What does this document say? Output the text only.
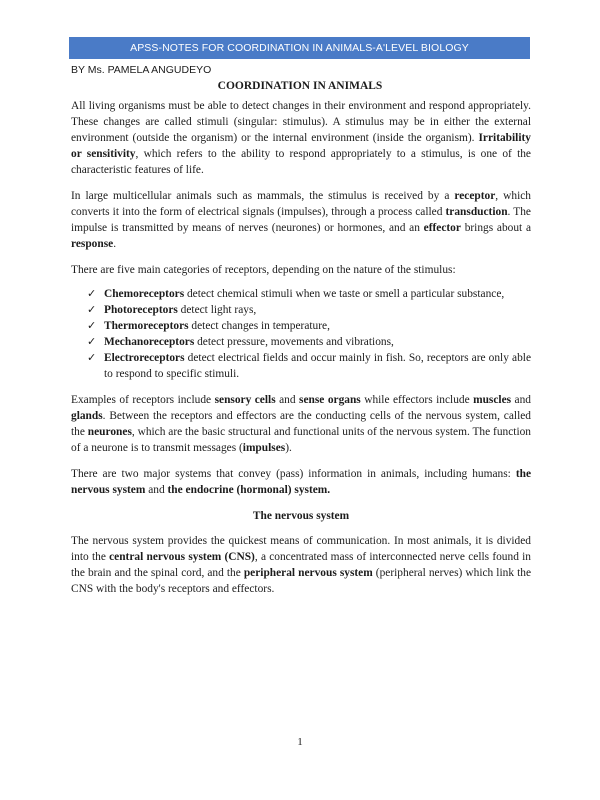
APSS-NOTES FOR COORDINATION IN ANIMALS-A'LEVEL BIOLOGY
BY Ms. PAMELA ANGUDEYO
COORDINATION IN ANIMALS

All living organisms must be able to detect changes in their environment and respond appropriately. These changes are called stimuli (singular: stimulus). A stimulus may be in either the external environment (outside the organism) or the internal environment (inside the organism). Irritability or sensitivity, which refers to the ability to respond appropriately to a stimulus, is one of the characteristic features of life.

In large multicellular animals such as mammals, the stimulus is received by a receptor, which converts it into the form of electrical signals (impulses), through a process called transduction. The impulse is transmitted by means of nerves (neurones) or hormones, and an effector brings about a response.

There are five main categories of receptors, depending on the nature of the stimulus:

✓ Chemoreceptors detect chemical stimuli when we taste or smell a particular substance,
✓ Photoreceptors detect light rays,
✓ Thermoreceptors detect changes in temperature,
✓ Mechanoreceptors detect pressure, movements and vibrations,
✓ Electroreceptors detect electrical fields and occur mainly in fish. So, receptors are only able to respond to specific stimuli.

Examples of receptors include sensory cells and sense organs while effectors include muscles and glands. Between the receptors and effectors are the conducting cells of the nervous system, called the neurones, which are the basic structural and functional units of the nervous system. The function of a neurone is to transmit messages (impulses).

There are two major systems that convey (pass) information in animals, including humans: the nervous system and the endocrine (hormonal) system.

The nervous system

The nervous system provides the quickest means of communication. In most animals, it is divided into the central nervous system (CNS), a concentrated mass of interconnected nerve cells found in the brain and the spinal cord, and the peripheral nervous system (peripheral nerves) which link the CNS with the body's receptors and effectors.

1
